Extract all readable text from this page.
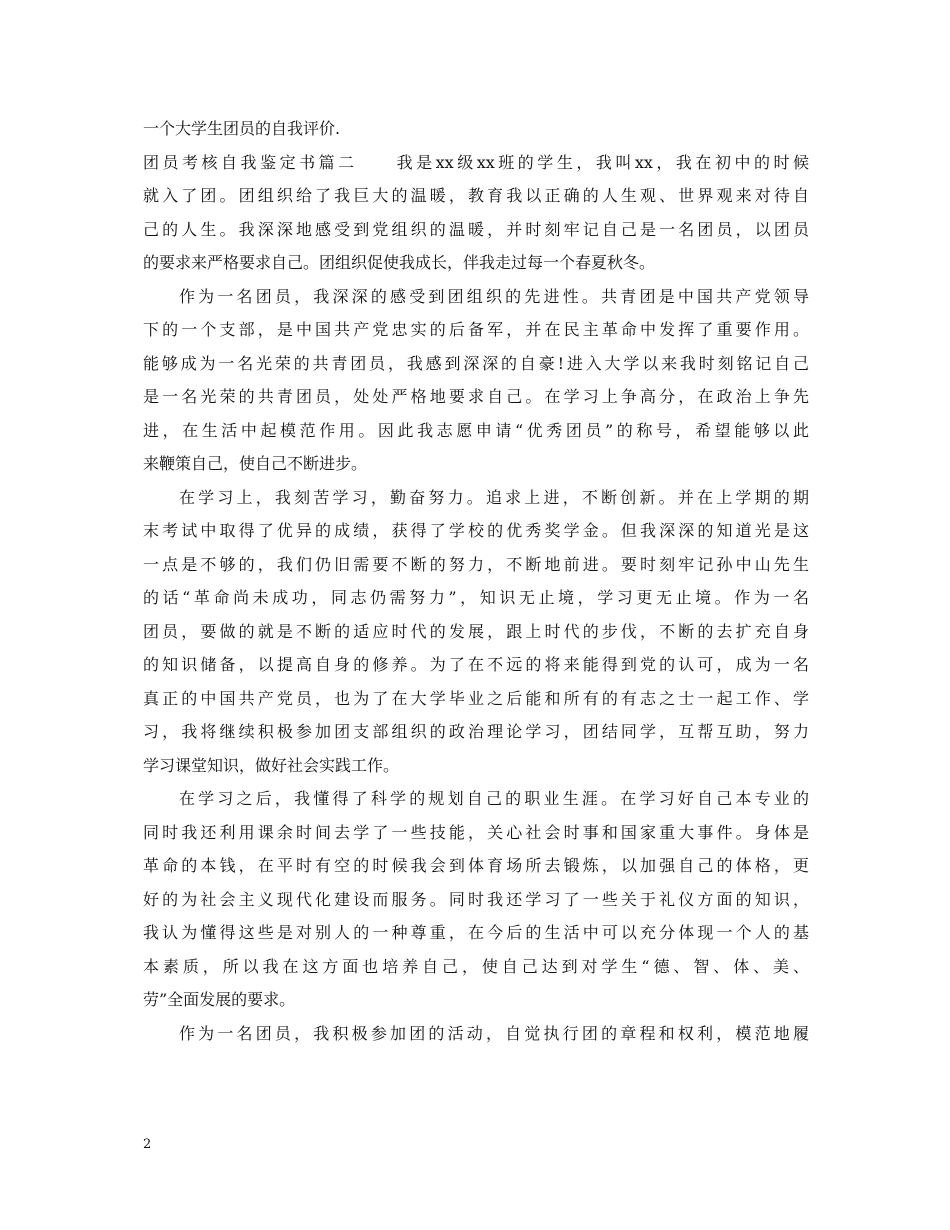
一个大学生团员的自我评价.
团员考核自我鉴定书篇二　　我是xx级xx班的学生，我叫xx，我在初中的时候
就入了团。团组织给了我巨大的温暖，教育我以正确的人生观、世界观来对待自
己的人生。我深深地感受到党组织的温暖，并时刻牢记自己是一名团员，以团员
的要求来严格要求自己。团组织促使我成长，伴我走过每一个春夏秋冬。
作为一名团员，我深深的感受到团组织的先进性。共青团是中国共产党领导
下的一个支部，是中国共产党忠实的后备军，并在民主革命中发挥了重要作用。
能够成为一名光荣的共青团员，我感到深深的自豪!进入大学以来我时刻铭记自己
是一名光荣的共青团员，处处严格地要求自己。在学习上争高分，在政治上争先
进，在生活中起模范作用。因此我志愿申请“优秀团员”的称号，希望能够以此
来鞭策自己，使自己不断进步。
在学习上，我刻苦学习，勤奋努力。追求上进，不断创新。并在上学期的期
末考试中取得了优异的成绩，获得了学校的优秀奖学金。但我深深的知道光是这
一点是不够的，我们仍旧需要不断的努力，不断地前进。要时刻牢记孙中山先生
的话“革命尚未成功，同志仍需努力”，知识无止境，学习更无止境。作为一名
团员，要做的就是不断的适应时代的发展，跟上时代的步伐，不断的去扩充自身
的知识储备，以提高自身的修养。为了在不远的将来能得到党的认可，成为一名
真正的中国共产党员，也为了在大学毕业之后能和所有的有志之士一起工作、学
习，我将继续积极参加团支部组织的政治理论学习，团结同学，互帮互助，努力
学习课堂知识，做好社会实践工作。
在学习之后，我懂得了科学的规划自己的职业生涯。在学习好自己本专业的
同时我还利用课余时间去学了一些技能，关心社会时事和国家重大事件。身体是
革命的本钱，在平时有空的时候我会到体育场所去锻炼，以加强自己的体格，更
好的为社会主义现代化建设而服务。同时我还学习了一些关于礼仪方面的知识，
我认为懂得这些是对别人的一种尊重，在今后的生活中可以充分体现一个人的基
本素质，所以我在这方面也培养自己，使自己达到对学生“德、智、体、美、
劳”全面发展的要求。
作为一名团员，我积极参加团的活动，自觉执行团的章程和权利，模范地履
2
